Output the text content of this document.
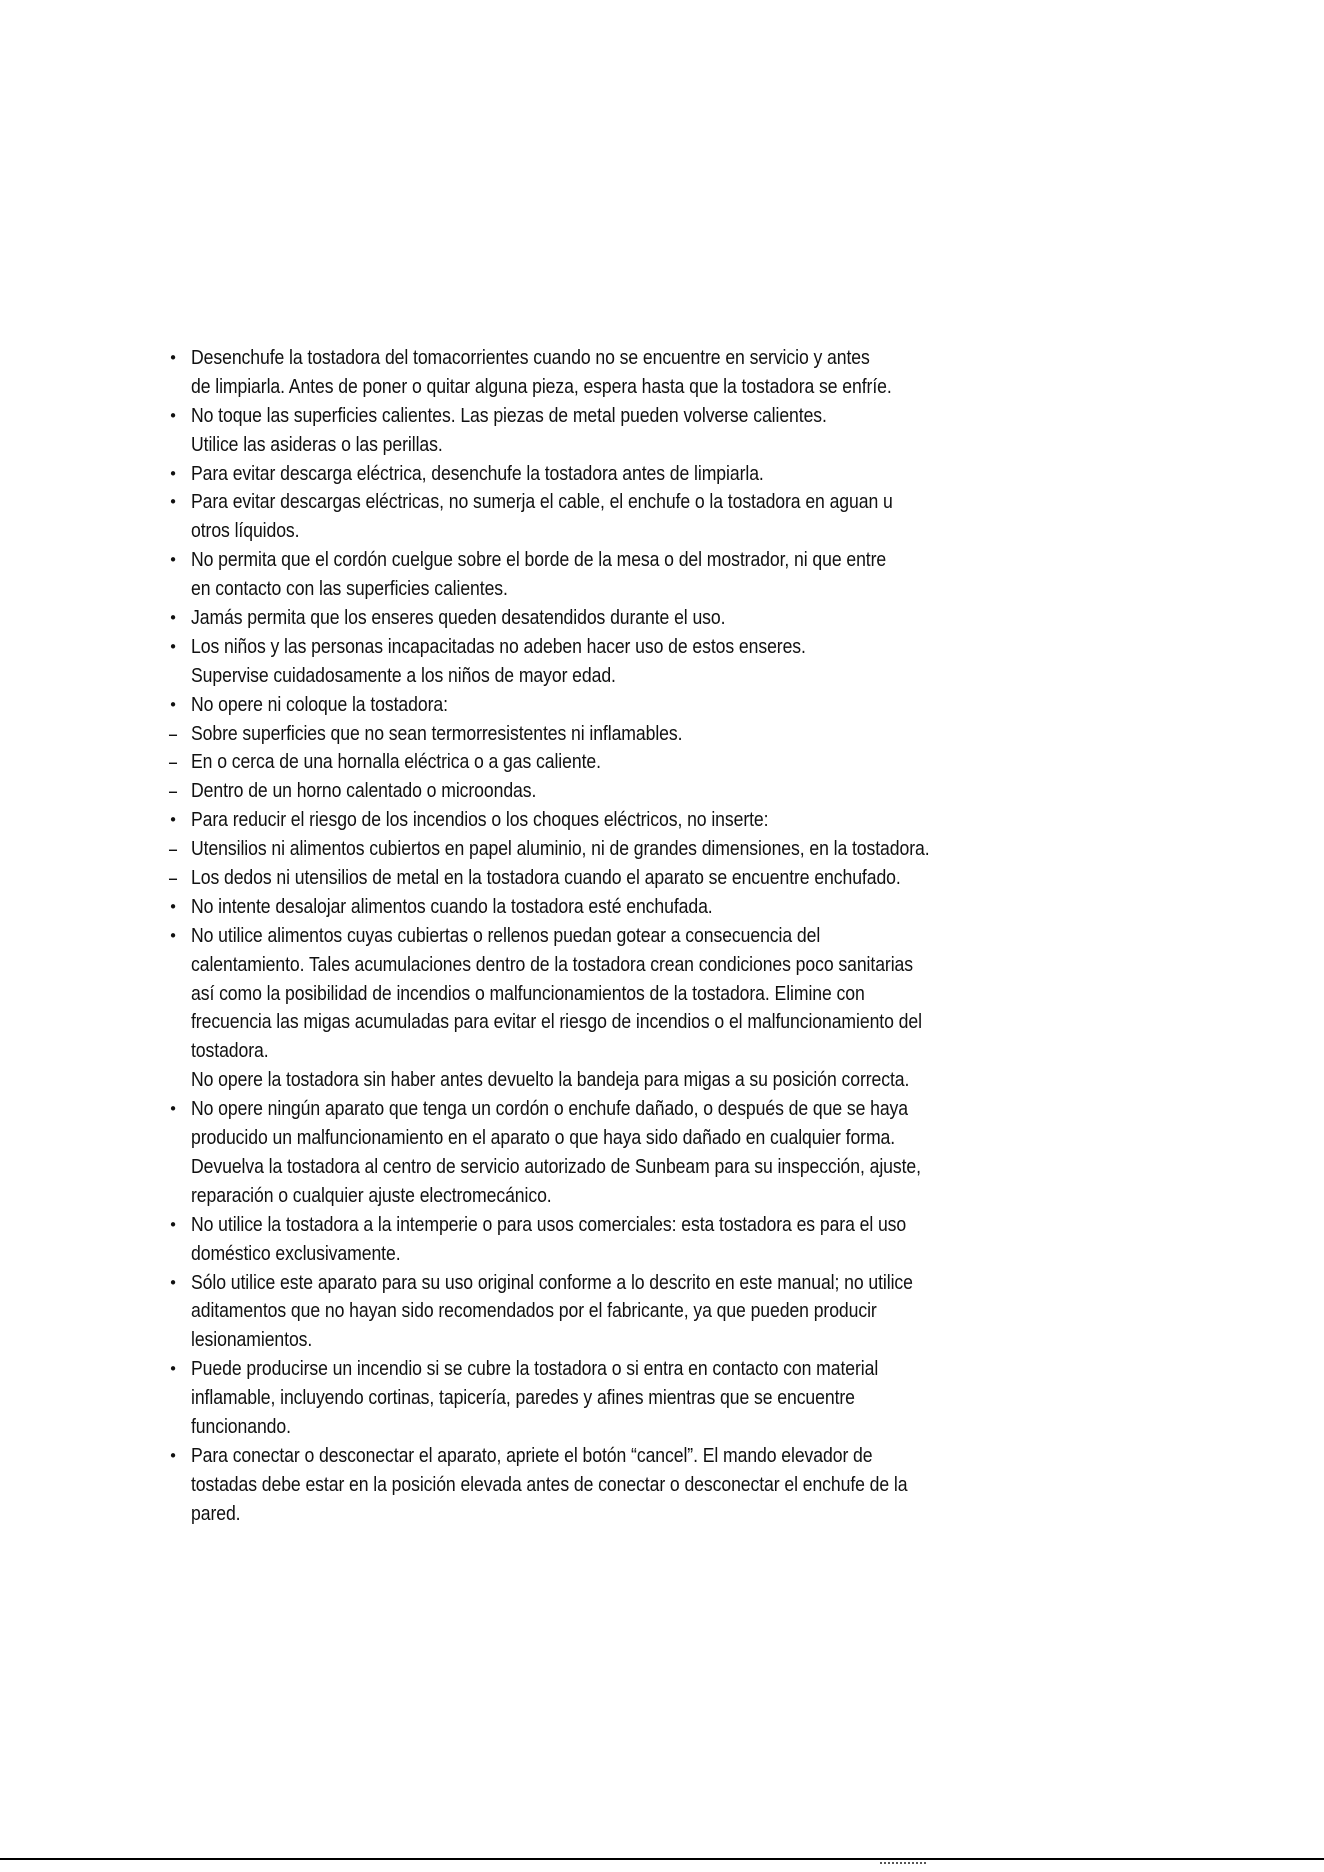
• Desenchufe la tostadora del tomacorrientes cuando no se encuentre en servicio y antes
de limpiarla. Antes de poner o quitar alguna pieza, espera hasta que la tostadora se enfríe.
• No toque las superficies calientes. Las piezas de metal pueden volverse calientes.
Utilice las asideras o las perillas.
• Para evitar descarga eléctrica, desenchufe la tostadora antes de limpiarla.
• Para evitar descargas eléctricas, no sumerja el cable, el enchufe o la tostadora en aguan u
otros líquidos.
• No permita que el cordón cuelgue sobre el borde de la mesa o del mostrador, ni que entre
en contacto con las superficies calientes.
• Jamás permita que los enseres queden desatendidos durante el uso.
• Los niños y las personas incapacitadas no adeben hacer uso de estos enseres.
Supervise cuidadosamente a los niños de mayor edad.
• No opere ni coloque la tostadora:
– Sobre superficies que no sean termorresistentes ni inflamables.
– En o cerca de una hornalla eléctrica o a gas caliente.
– Dentro de un horno calentado o microondas.
• Para reducir el riesgo de los incendios o los choques eléctricos, no inserte:
– Utensilios ni alimentos cubiertos en papel aluminio, ni de grandes dimensiones, en la tostadora.
– Los dedos ni utensilios de metal en la tostadora cuando el aparato se encuentre enchufado.
• No intente desalojar alimentos cuando la tostadora esté enchufada.
• No utilice alimentos cuyas cubiertas o rellenos puedan gotear a consecuencia del
calentamiento. Tales acumulaciones dentro de la tostadora crean condiciones poco sanitarias
así como la posibilidad de incendios o malfuncionamientos de la tostadora. Elimine con
frecuencia las migas acumuladas para evitar el riesgo de incendios o el malfuncionamiento del
tostadora.
No opere la tostadora sin haber antes devuelto la bandeja para migas a su posición correcta.
• No opere ningún aparato que tenga un cordón o enchufe dañado, o después de que se haya
producido un malfuncionamiento en el aparato o que haya sido dañado en cualquier forma.
Devuelva la tostadora al centro de servicio autorizado de Sunbeam para su inspección, ajuste,
reparación o cualquier ajuste electromecánico.
• No utilice la tostadora a la intemperie o para usos comerciales: esta tostadora es para el uso
doméstico exclusivamente.
• Sólo utilice este aparato para su uso original conforme a lo descrito en este manual; no utilice
aditamentos que no hayan sido recomendados por el fabricante, ya que pueden producir
lesionamientos.
• Puede producirse un incendio si se cubre la tostadora o si entra en contacto con material
inflamable, incluyendo cortinas, tapicería, paredes y afines mientras que se encuentre
funcionando.
• Para conectar o desconectar el aparato, apriete el botón “cancel”. El mando elevador de
tostadas debe estar en la posición elevada antes de conectar o desconectar el enchufe de la
pared.
